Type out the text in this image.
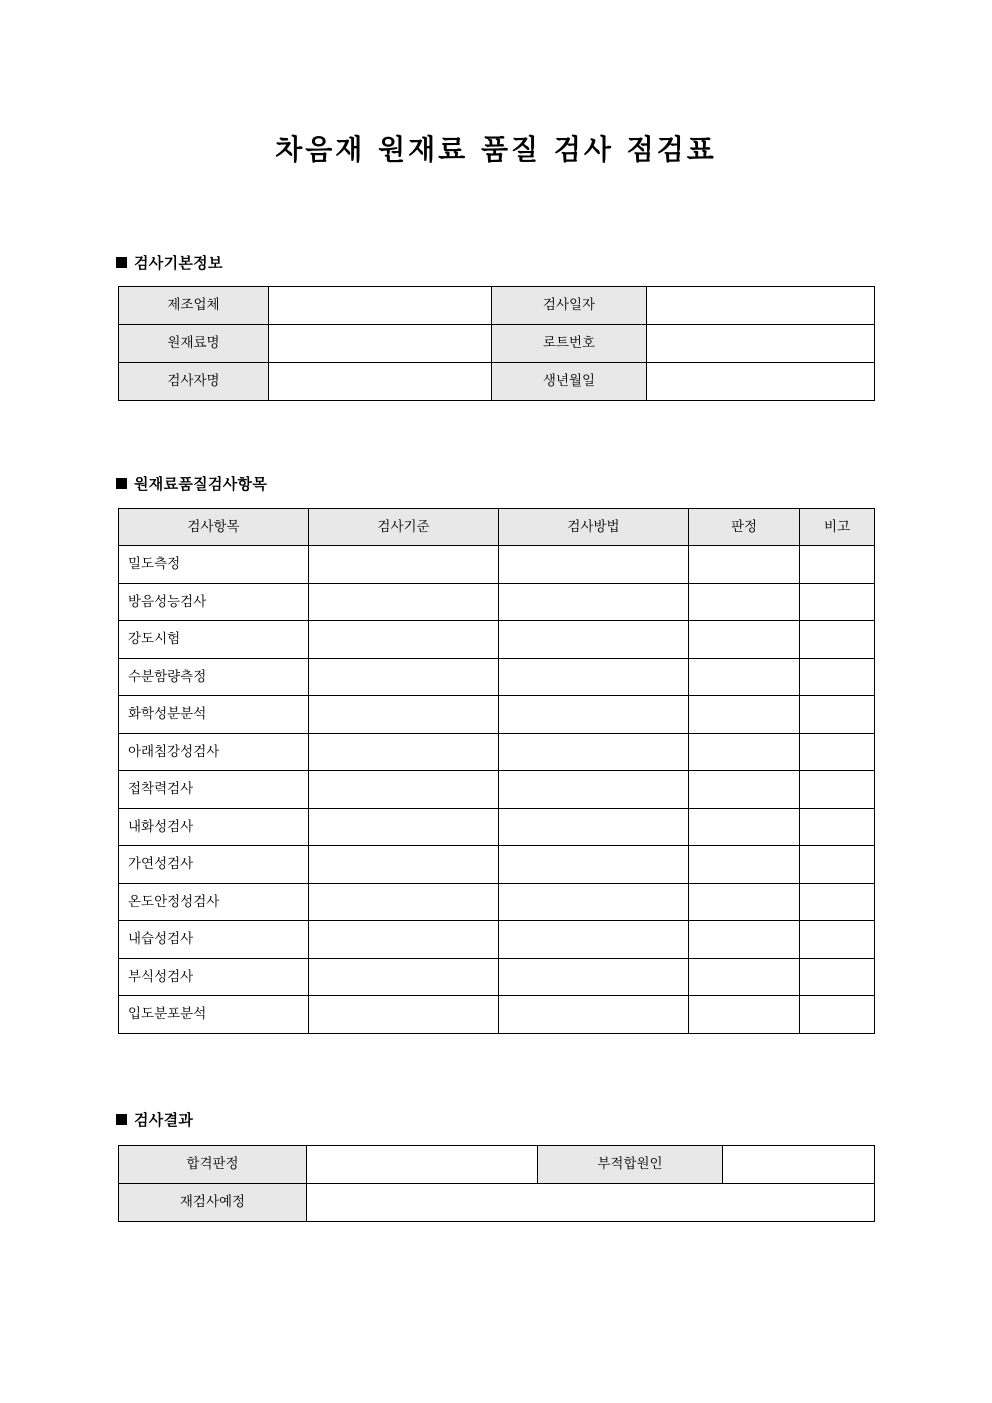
차음재 원재료 품질 검사 점검표
검사기본정보
제조업체		검사일자	
원재료명		로트번호	
검사자명		생년월일	
원재료품질검사항목
검사항목	검사기준	검사방법	판정	비고
밀도측정				
방음성능검사				
강도시험				
수분함량측정				
화학성분분석				
아래침강성검사				
접착력검사				
내화성검사				
가연성검사				
온도안정성검사				
내습성검사				
부식성검사				
입도분포분석				
검사결과
합격판정		부적합원인	
재검사예정			
